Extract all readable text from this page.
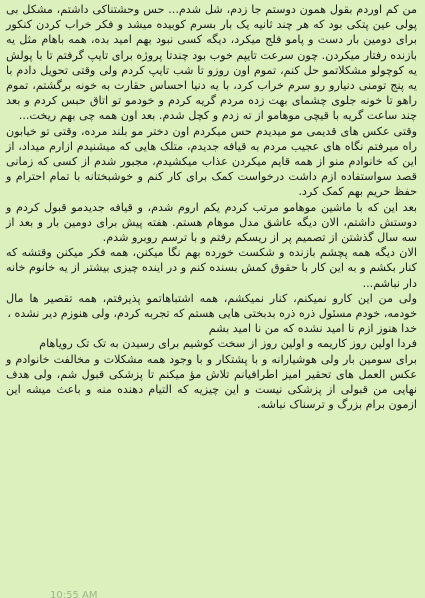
من کم اوردم بقول همون دوستم جا زدم، شل شدم... حس وحشتناکی داشتم، مشکل بی پولی عین پتکی بود که هر چند ثانیه یک بار بسرم کوبیده میشد و فکر خراب کردن کنکور برای دومین بار دست و پامو فلج میکرد، دیگه کسی نبود بهم امید بده، همه باهام مثل یه بازنده رفتار میکردن. چون سرعت تایپم خوب بود چندتا پروژه برای تایپ گرفتم تا با پولش یه کوچولو مشکلاتمو حل کنم، تموم اون روزو تا شب تایپ کردم ولی وقتی تحویل دادم با یه پنج تومنی دنیارو رو سرم خراب کرد، با یه دنیا احساس حقارت به خونه برگشتم، تموم راهو تا خونه جلوی چشمای بهت زده مردم گریه کردم و خودمو تو اتاق حبس کردم و بعد چند ساعت گریه با قیچی موهامو از ته زدم و کچل شدم. بعد اون همه چی بهم ریخت...

وقتی عکس های قدیمی مو میدیدم حس میکردم اون دختر مو بلند مرده، وقتی تو خیابون راه میرفتم نگاه های عجیب مردم به قیافه جدیدم، متلک هایی که میشنیدم ازارم میداد، از این که خانوادم منو از همه قایم میکردن عذاب میکشیدم، مجبور شدم از کسی که زمانی قصد سواستفاده ازم داشت درخواست کمک برای کار کنم و خوشبختانه با تمام احترام و حفظ حریم بهم کمک کرد.

بعد این که با ماشین موهامو مرتب کردم یکم اروم شدم، و قیافه جدیدمو قبول کردم و دوستش داشتم، الان دیگه عاشق مدل موهام هستم. هفته پیش برای دومین بار و بعد از سه سال گذشتن از تصمیم پر از ریسکم رفتم و با ترسم روبرو شدم.

الان دیگه همه پچشم بازنده و شکست خورده بهم نگا میکنن، همه فکر میکنن وقتشه که کنار بکشم و به این کار با حقوق کمش بسنده کنم و در اینده چیزی بیشتر از یه خانوم خانه دار نباشم...

ولی من این کارو نمیکنم، کنار نمیکشم، همه اشتباهاتمو پذیرفتم، همه تقصیر ها مال خودمه، خودم مسئول ذره ذره بدبختی هایی هستم که تجربه کردم، ولی هنوزم دیر نشده ،

خدا هنوز ازم نا امید نشده که من نا امید بشم

فردا اولین روز کاریمه و اولین روز از سخت کوشیم برای رسیدن به تک تک رویاهام

برای سومین بار ولی هوشیارانه و با پشتکار و با وجود همه مشکلات و مخالفت خانوادم و عکس العمل های تحقیر امیز اطرافیانم تلاش مؤ میکنم تا پزشکی قبول شم، ولی هدف نهایی من قبولی از پزشکی نیست و این چیزیه که التیام دهنده منه و باعث میشه این ازمون برام بزرگ و ترسناک نباشه.

10:55 AM
